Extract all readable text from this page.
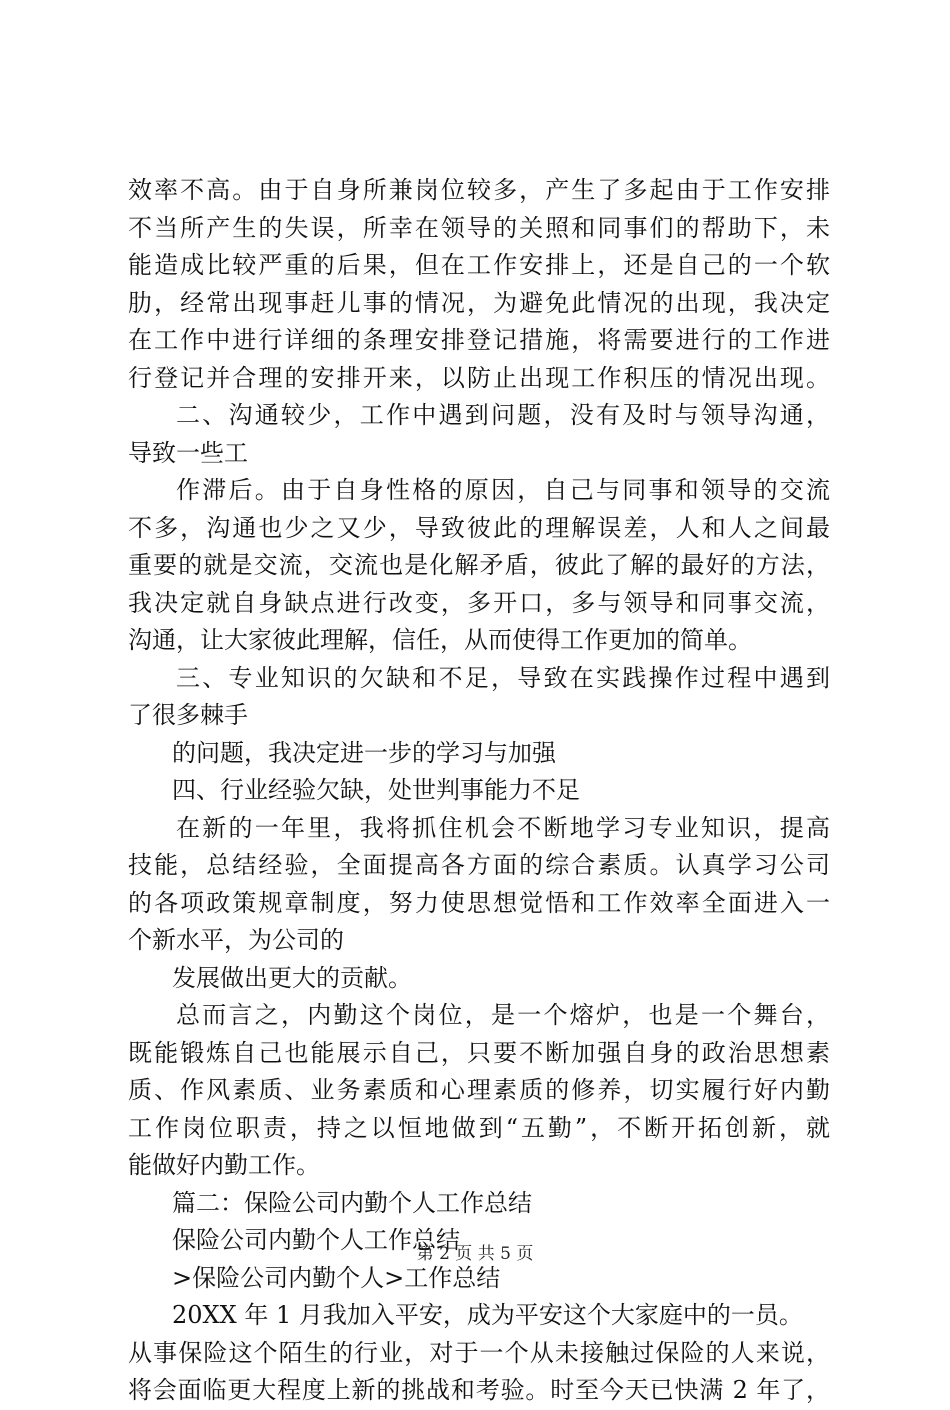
效率不高。由于自身所兼岗位较多，产生了多起由于工作安排
不当所产生的失误，所幸在领导的关照和同事们的帮助下，未
能造成比较严重的后果，但在工作安排上，还是自己的一个软
肋，经常出现事赶儿事的情况，为避免此情况的出现，我决定
在工作中进行详细的条理安排登记措施，将需要进行的工作进
行登记并合理的安排开来，以防止出现工作积压的情况出现。
二、沟通较少，工作中遇到问题，没有及时与领导沟通，
导致一些工
作滞后。由于自身性格的原因，自己与同事和领导的交流
不多，沟通也少之又少，导致彼此的理解误差，人和人之间最
重要的就是交流，交流也是化解矛盾，彼此了解的最好的方法，
我决定就自身缺点进行改变，多开口，多与领导和同事交流，
沟通，让大家彼此理解，信任，从而使得工作更加的简单。
三、专业知识的欠缺和不足，导致在实践操作过程中遇到
了很多棘手
的问题，我决定进一步的学习与加强
四、行业经验欠缺，处世判事能力不足
在新的一年里，我将抓住机会不断地学习专业知识，提高
技能，总结经验，全面提高各方面的综合素质。认真学习公司
的各项政策规章制度，努力使思想觉悟和工作效率全面进入一
个新水平，为公司的
发展做出更大的贡献。
总而言之，内勤这个岗位，是一个熔炉，也是一个舞台，
既能锻炼自己也能展示自己，只要不断加强自身的政治思想素
质、作风素质、业务素质和心理素质的修养，切实履行好内勤
工作岗位职责，持之以恒地做到“五勤”，不断开拓创新，就
能做好内勤工作。
篇二：保险公司内勤个人工作总结
保险公司内勤个人工作总结
>保险公司内勤个人>工作总结
20XX 年 1 月我加入平安，成为平安这个大家庭中的一员。
从事保险这个陌生的行业，对于一个从未接触过保险的人来说，
将会面临更大程度上新的挑战和考验。时至今天已快满 2 年了，
第 2 页 共 5 页
